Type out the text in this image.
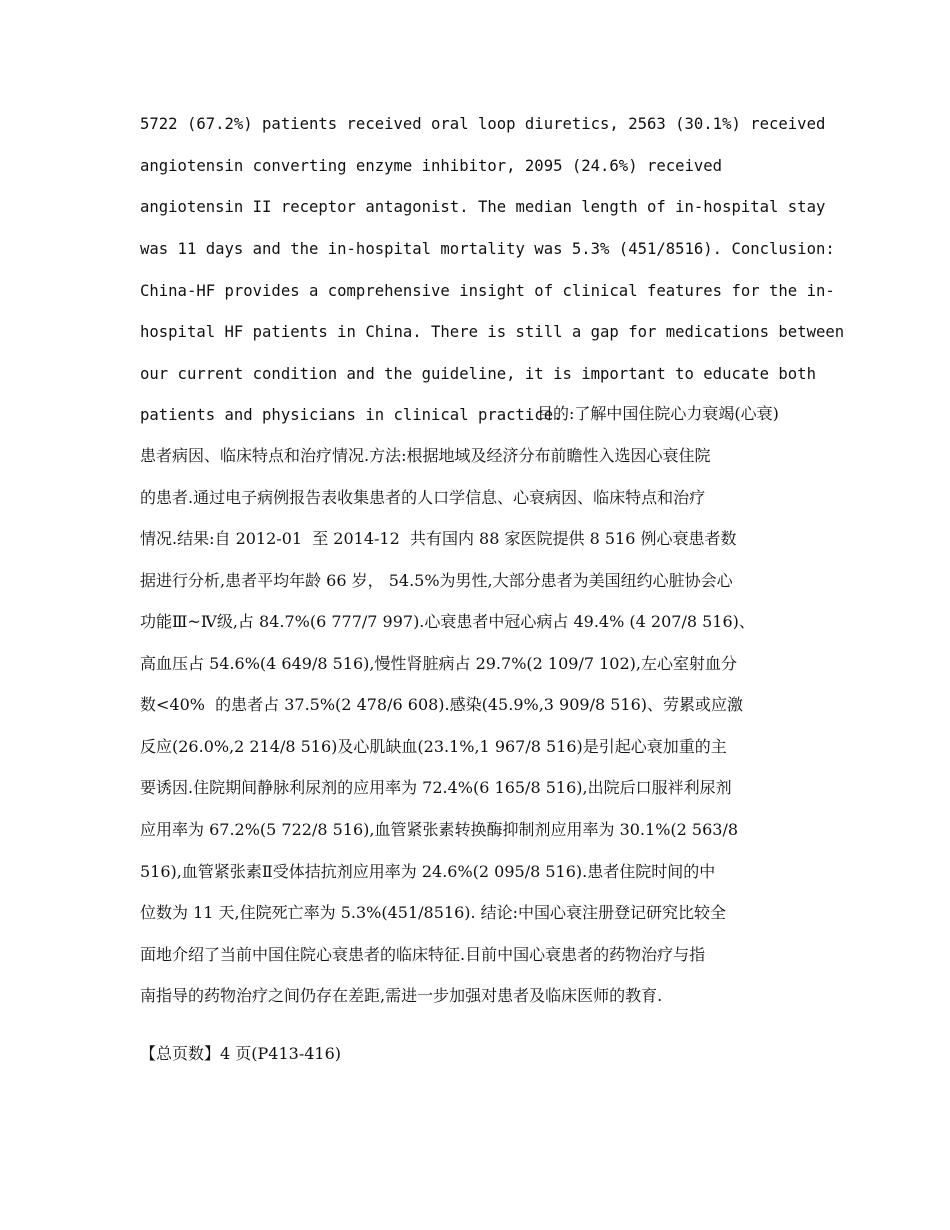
5722 (67.2%) patients received oral loop diuretics, 2563 (30.1%) received

angiotensin converting enzyme inhibitor, 2095 (24.6%) received

angiotensin II receptor antagonist. The median length of in-hospital stay

was 11 days and the in-hospital mortality was 5.3% (451/8516). Conclusion:

China-HF provides a comprehensive insight of clinical features for the in-

hospital HF patients in China. There is still a gap for medications between

our current condition and the guideline, it is important to educate both

patients and physicians in clinical practice.

目的:了解中国住院心力衰竭(心衰)

患者病因、临床特点和治疗情况.方法:根据地域及经济分布前瞻性入选因心衰住院

的患者.通过电子病例报告表收集患者的人口学信息、心衰病因、临床特点和治疗

情况.结果:自 2012-01  至 2014-12  共有国内 88 家医院提供 8 516 例心衰患者数

据进行分析,患者平均年龄 66 岁， 54.5%为男性,大部分患者为美国纽约心脏协会心

功能Ⅲ~Ⅳ级,占 84.7%(6 777/7 997).心衰患者中冠心病占 49.4% (4 207/8 516)、

高血压占 54.6%(4 649/8 516),慢性肾脏病占 29.7%(2 109/7 102),左心室射血分

数<40%  的患者占 37.5%(2 478/6 608).感染(45.9%,3 909/8 516)、劳累或应激

反应(26.0%,2 214/8 516)及心肌缺血(23.1%,1 967/8 516)是引起心衰加重的主

要诱因.住院期间静脉利尿剂的应用率为 72.4%(6 165/8 516),出院后口服袢利尿剂

应用率为 67.2%(5 722/8 516),血管紧张素转换酶抑制剂应用率为 30.1%(2 563/8

516),血管紧张素Ⅱ受体拮抗剂应用率为 24.6%(2 095/8 516).患者住院时间的中

位数为 11 天,住院死亡率为 5.3%(451/8516). 结论:中国心衰注册登记研究比较全

面地介绍了当前中国住院心衰患者的临床特征.目前中国心衰患者的药物治疗与指

南指导的药物治疗之间仍存在差距,需进一步加强对患者及临床医师的教育.

【总页数】4 页(P413-416)
